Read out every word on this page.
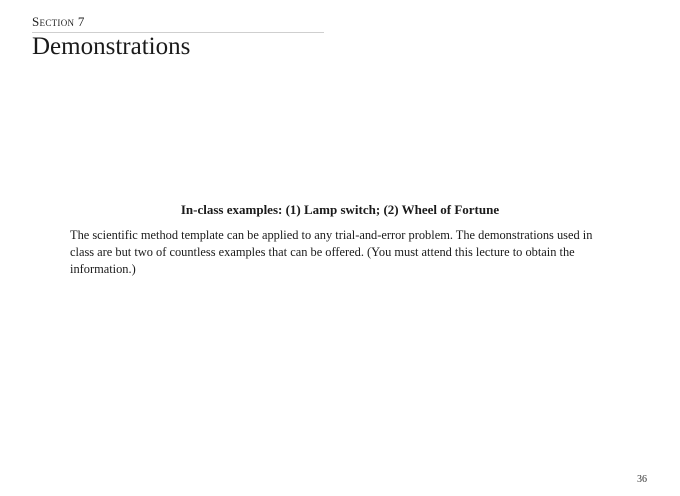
Section 7
Demonstrations
In-class examples: (1) Lamp switch; (2) Wheel of Fortune

The scientific method template can be applied to any trial-and-error problem. The demonstrations used in class are but two of countless examples that can be offered. (You must attend this lecture to obtain the information.)

36
